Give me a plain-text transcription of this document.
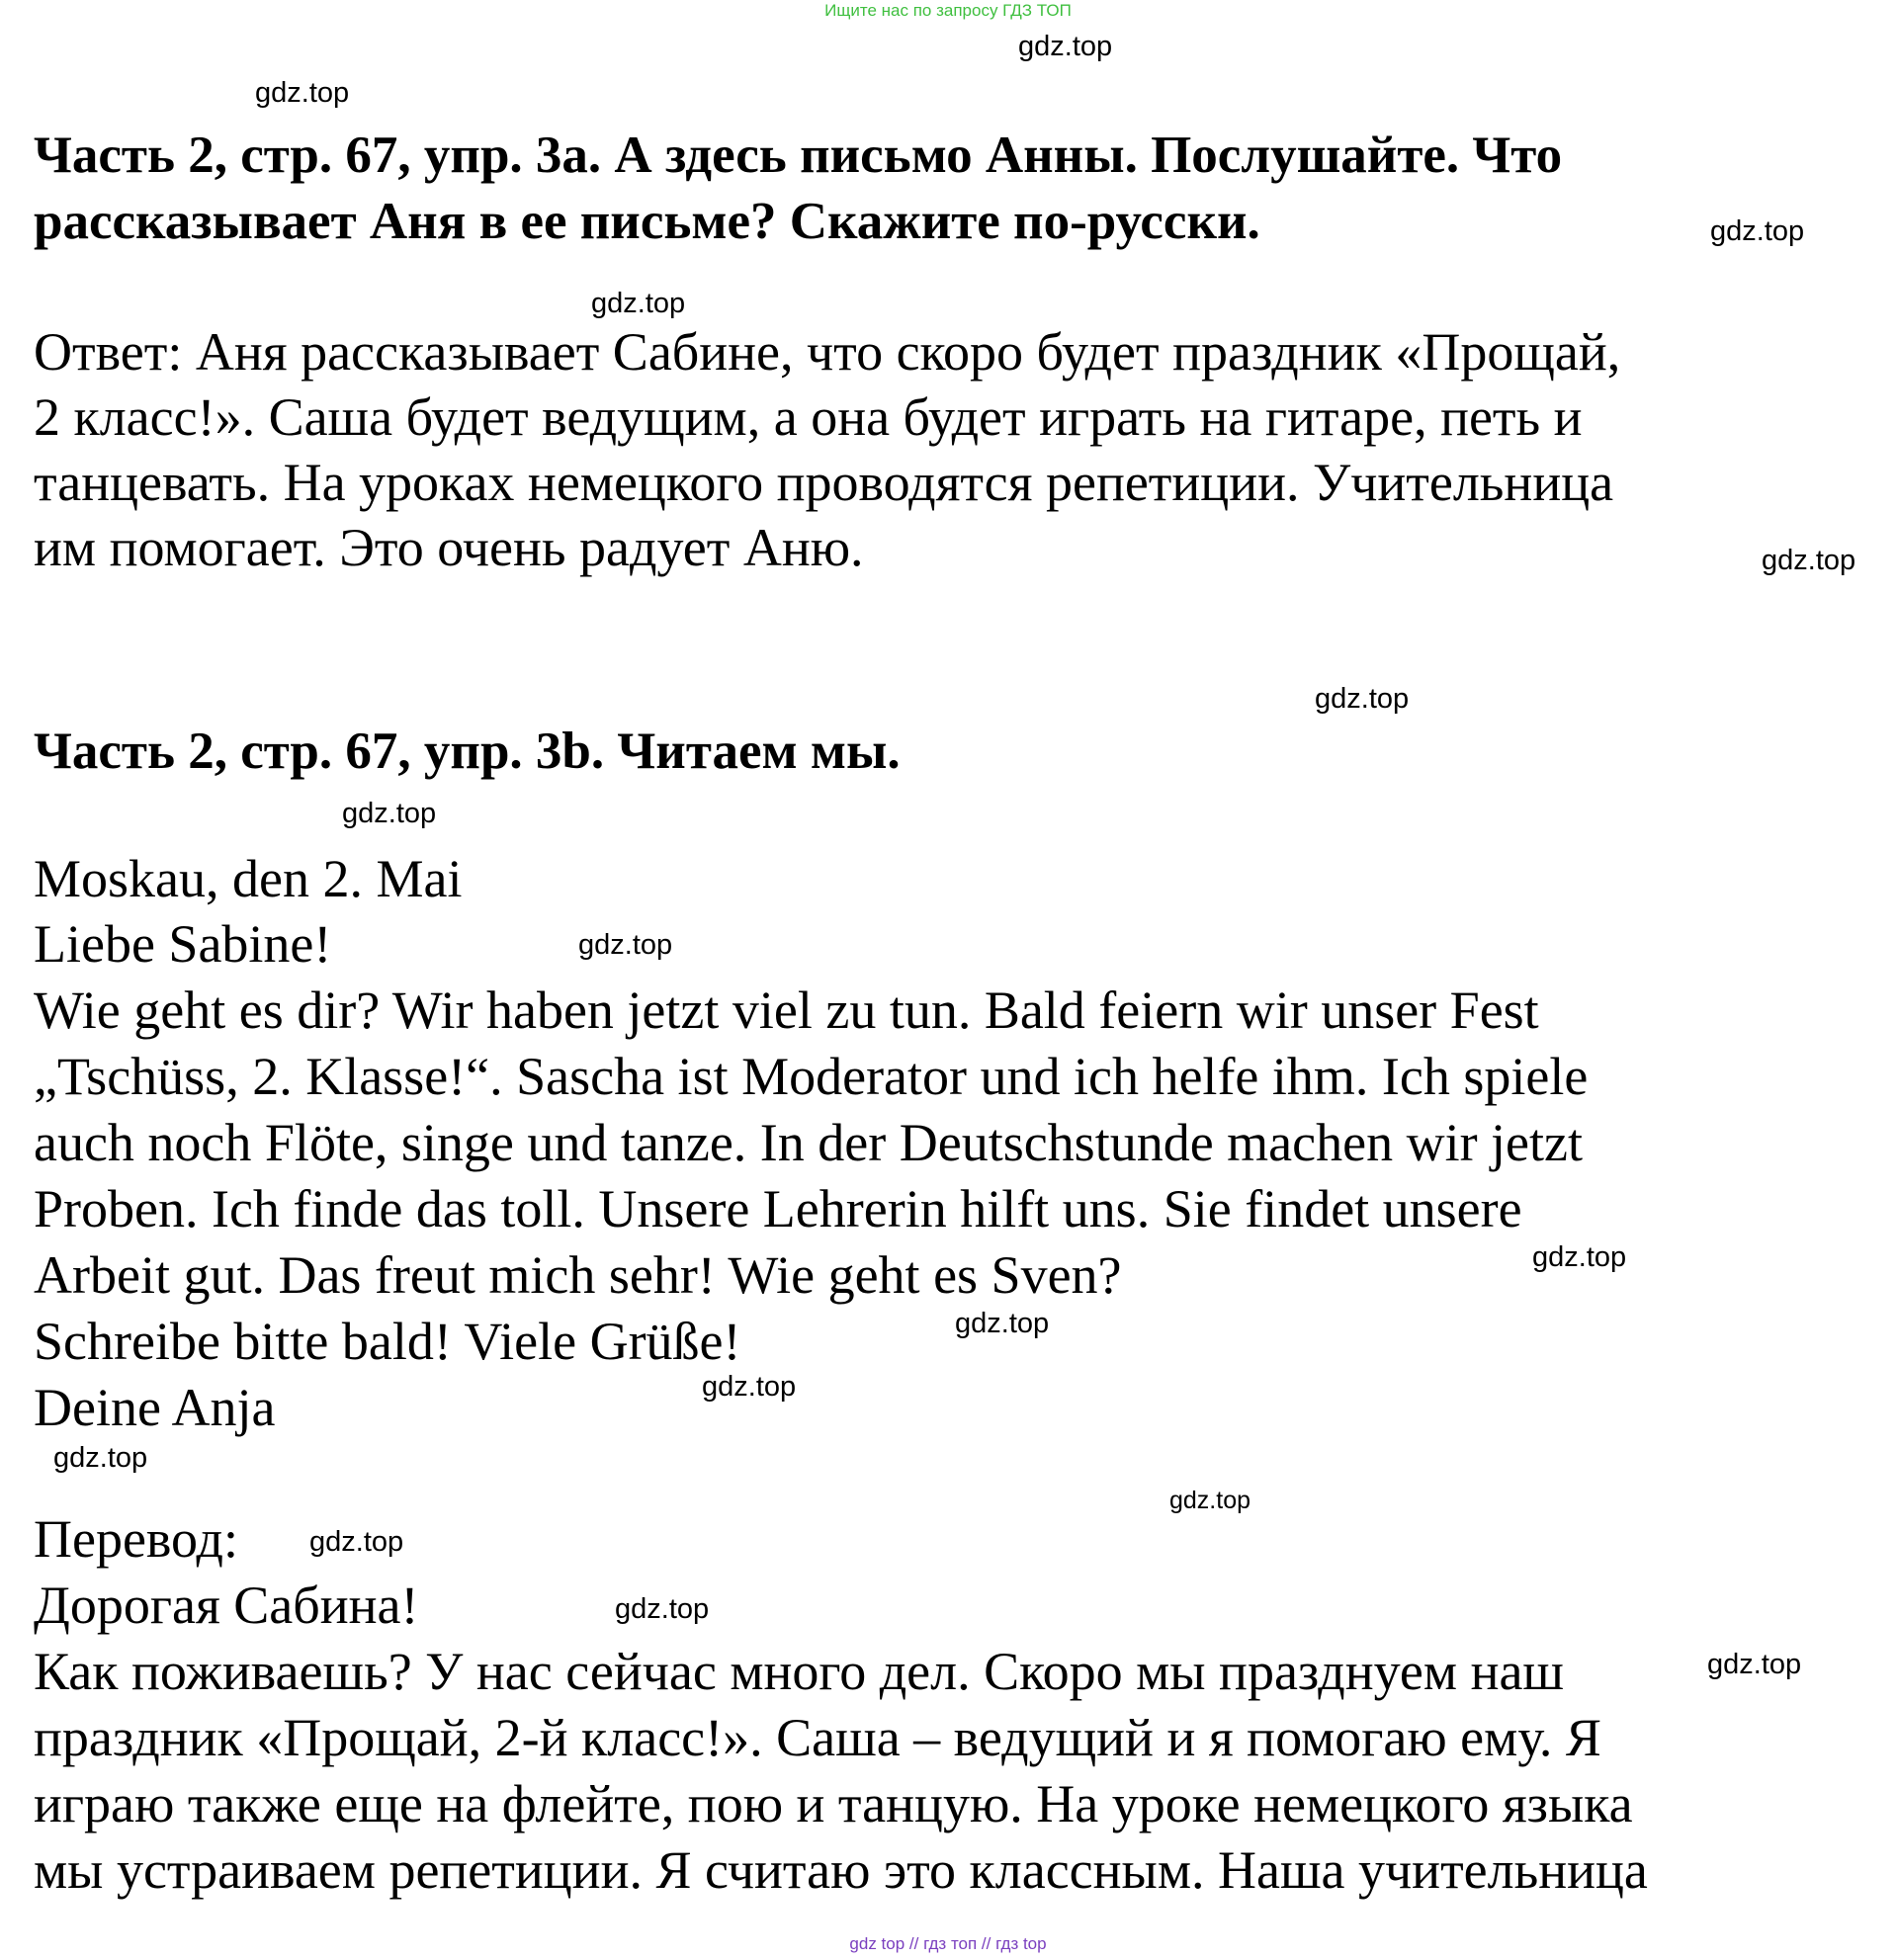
Ищите нас по запросу ГДЗ ТОП
Часть 2, стр. 67, упр. 3а. А здесь письмо Анны. Послушайте. Что
рассказывает Аня в ее письме? Скажите по-русски.
Ответ: Аня рассказывает Сабине, что скоро будет праздник «Прощай,
2 класс!». Саша будет ведущим, а она будет играть на гитаре, петь и
танцевать. На уроках немецкого проводятся репетиции. Учительница
им помогает. Это очень радует Аню.
Часть 2, стр. 67, упр. 3b. Читаем мы.
Moskau, den 2. Mai
Liebe Sabine!
Wie geht es dir? Wir haben jetzt viel zu tun. Bald feiern wir unser Fest
„Tschüss, 2. Klasse!“. Sascha ist Moderator und ich helfe ihm. Ich spiele
auch noch Flöte, singe und tanze. In der Deutschstunde machen wir jetzt
Proben. Ich finde das toll. Unsere Lehrerin hilft uns. Sie findet unsere
Arbeit gut. Das freut mich sehr! Wie geht es Sven?
Schreibe bitte bald! Viele Grüße!
Deine Anja
Перевод:
Дорогая Сабина!
Как поживаешь? У нас сейчас много дел. Скоро мы празднуем наш
праздник «Прощай, 2-й класс!». Саша – ведущий и я помогаю ему. Я
играю также еще на флейте, пою и танцую. На уроке немецкого языка
мы устраиваем репетиции. Я считаю это классным. Наша учительница
gdz.top
gdz.top
gdz.top
gdz.top
gdz.top
gdz.top
gdz.top
gdz.top
gdz.top
gdz.top
gdz.top
gdz.top
gdz.top
gdz.top
gdz.top
gdz.top
gdz top // гдз топ // гдз top
